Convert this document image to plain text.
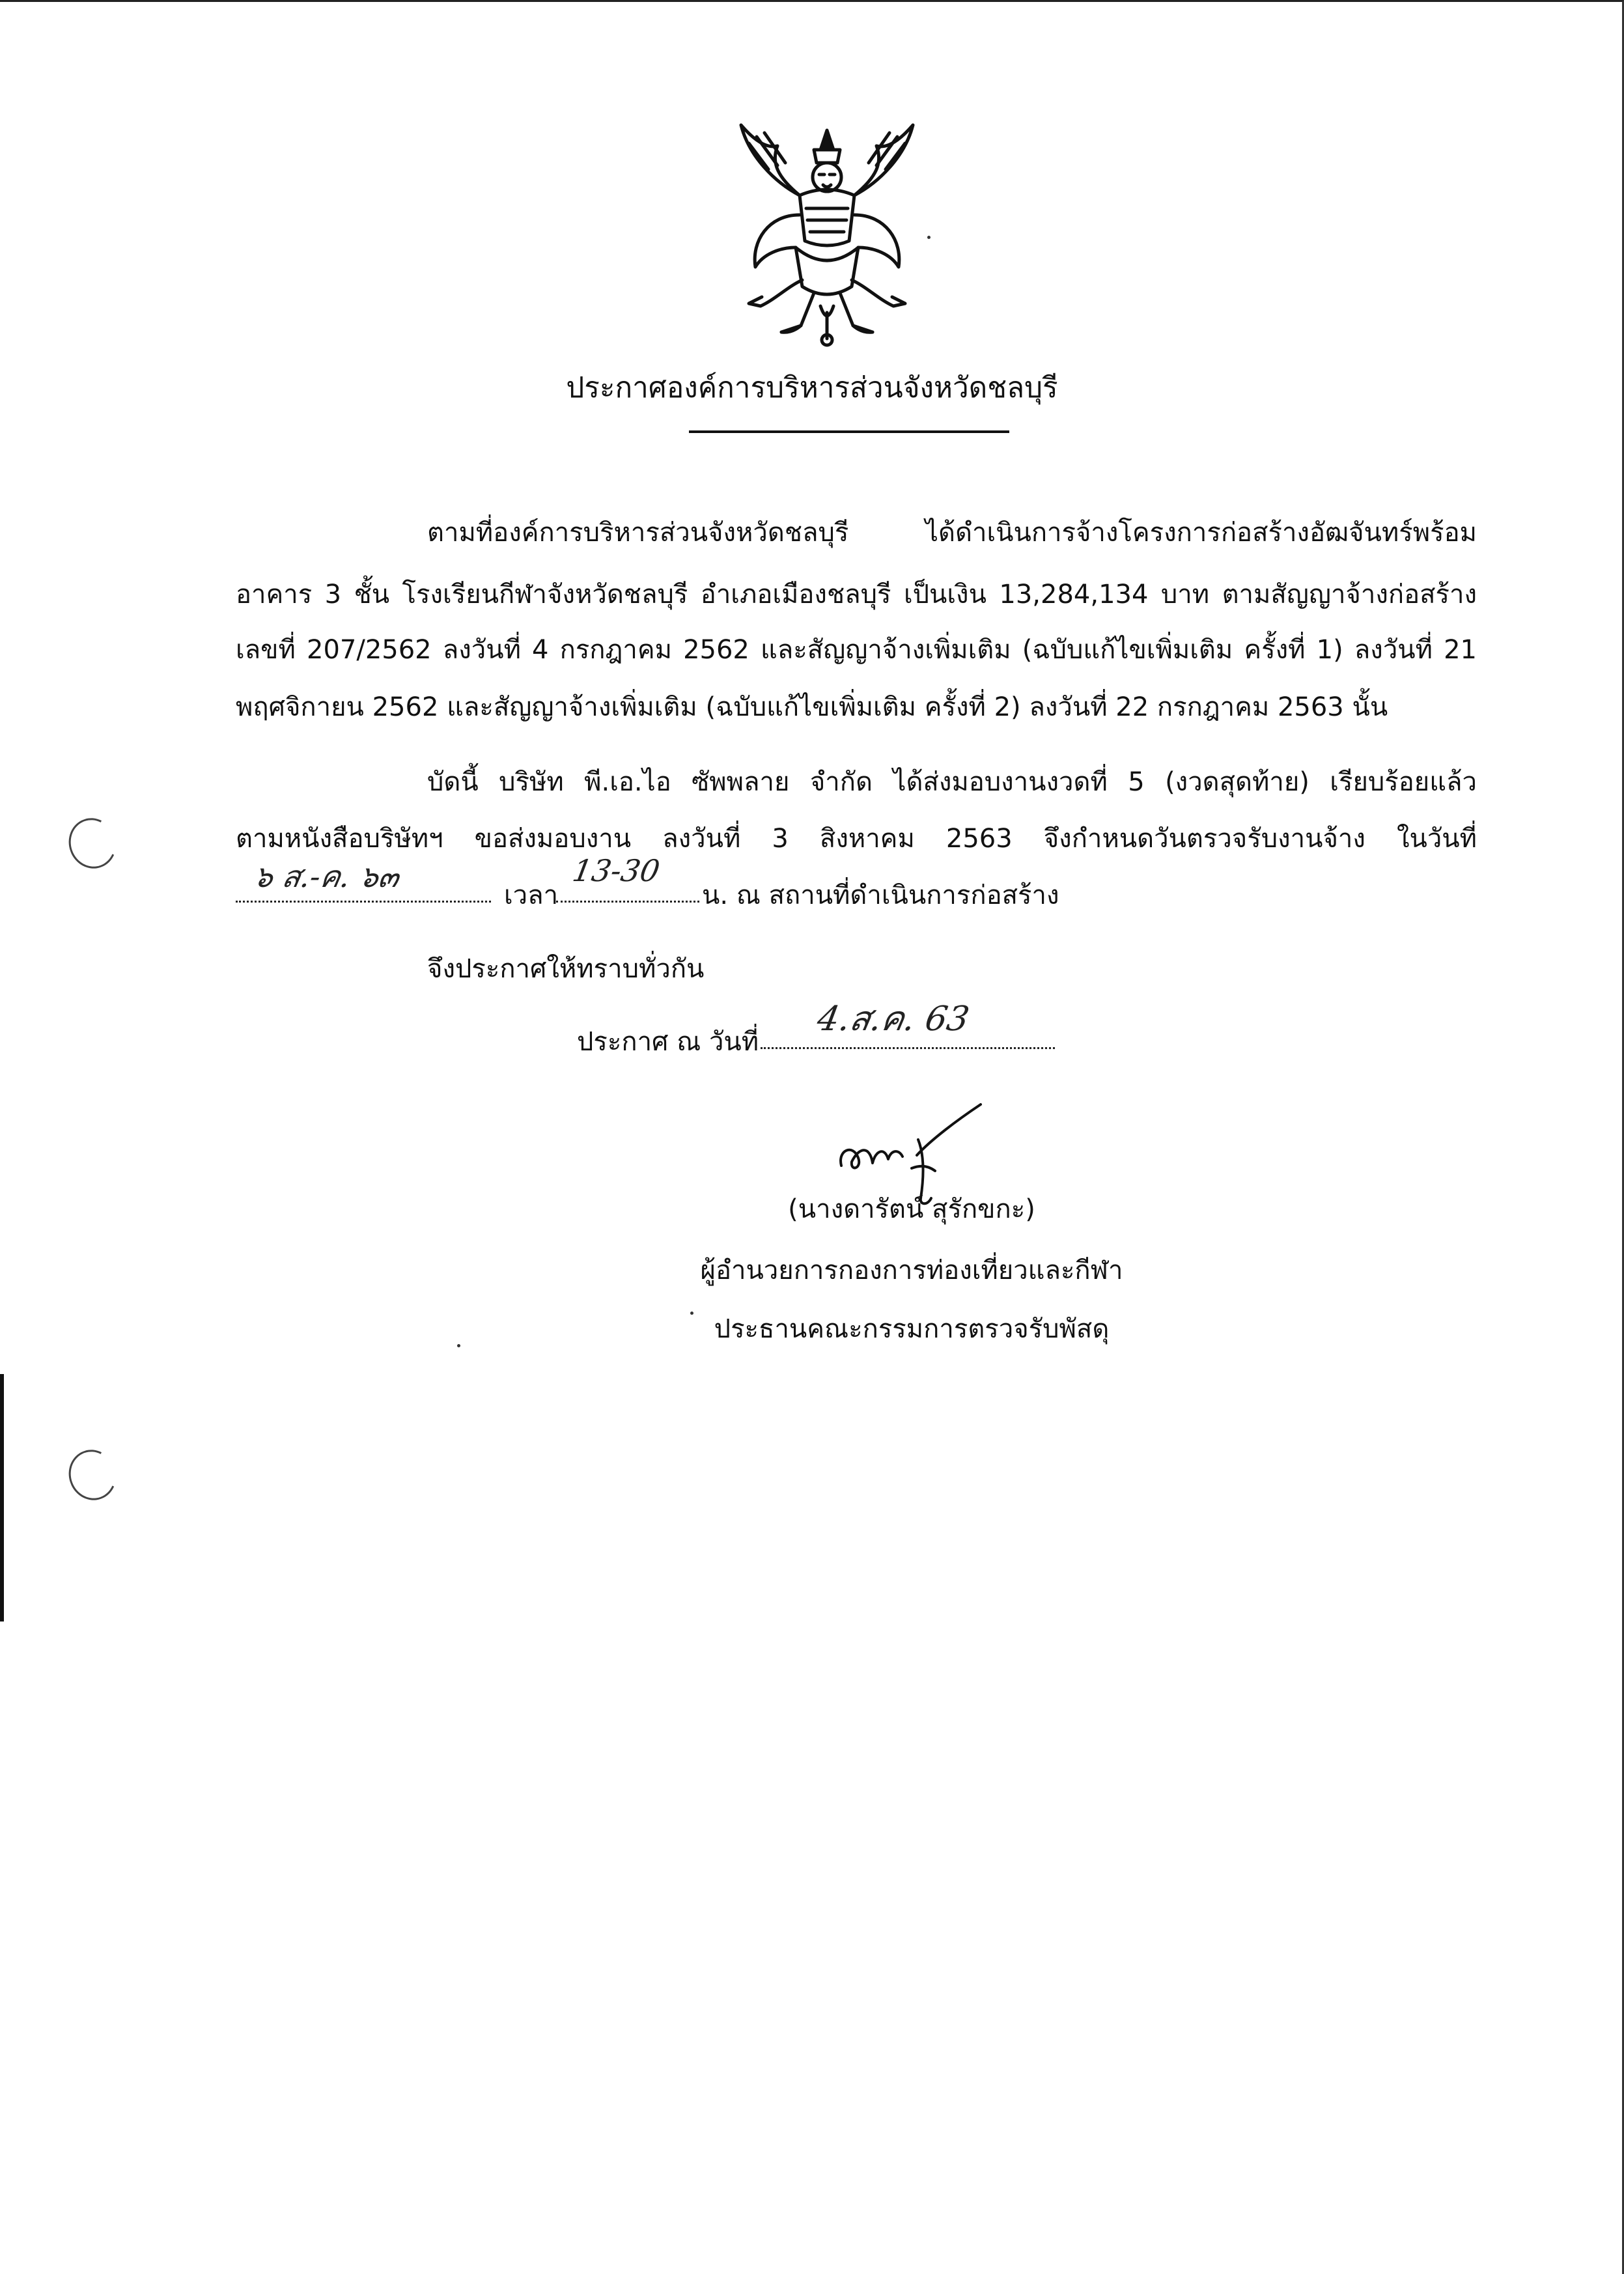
ประกาศองค์การบริหารส่วนจังหวัดชลบุรี
ตามที่องค์การบริหารส่วนจังหวัดชลบุรี ได้ดำเนินการจ้างโครงการก่อสร้างอัฒจันทร์พร้อม
อาคาร 3 ชั้น โรงเรียนกีฬาจังหวัดชลบุรี อำเภอเมืองชลบุรี เป็นเงิน 13,284,134 บาท ตามสัญญาจ้างก่อสร้าง
เลขที่ 207/2562 ลงวันที่ 4 กรกฎาคม 2562 และสัญญาจ้างเพิ่มเติม (ฉบับแก้ไขเพิ่มเติม ครั้งที่ 1) ลงวันที่ 21
พฤศจิกายน 2562 และสัญญาจ้างเพิ่มเติม (ฉบับแก้ไขเพิ่มเติม ครั้งที่ 2) ลงวันที่ 22 กรกฎาคม 2563 นั้น
บัดนี้ บริษัท พี.เอ.ไอ ซัพพลาย จำกัด ได้ส่งมอบงานงวดที่ 5 (งวดสุดท้าย) เรียบร้อยแล้ว
ตามหนังสือบริษัทฯ ขอส่งมอบงาน ลงวันที่ 3 สิงหาคม 2563 จึงกำหนดวันตรวจรับงานจ้าง ในวันที่
๖ ส.-ค. ๖๓
เวลา
13-30
น. ณ สถานที่ดำเนินการก่อสร้าง
จึงประกาศให้ทราบทั่วกัน
ประกาศ ณ วันที่
4.ส.ค. 63
(นางดารัตน์ สุรักขกะ)
ผู้อำนวยการกองการท่องเที่ยวและกีฬา
ประธานคณะกรรมการตรวจรับพัสดุ
